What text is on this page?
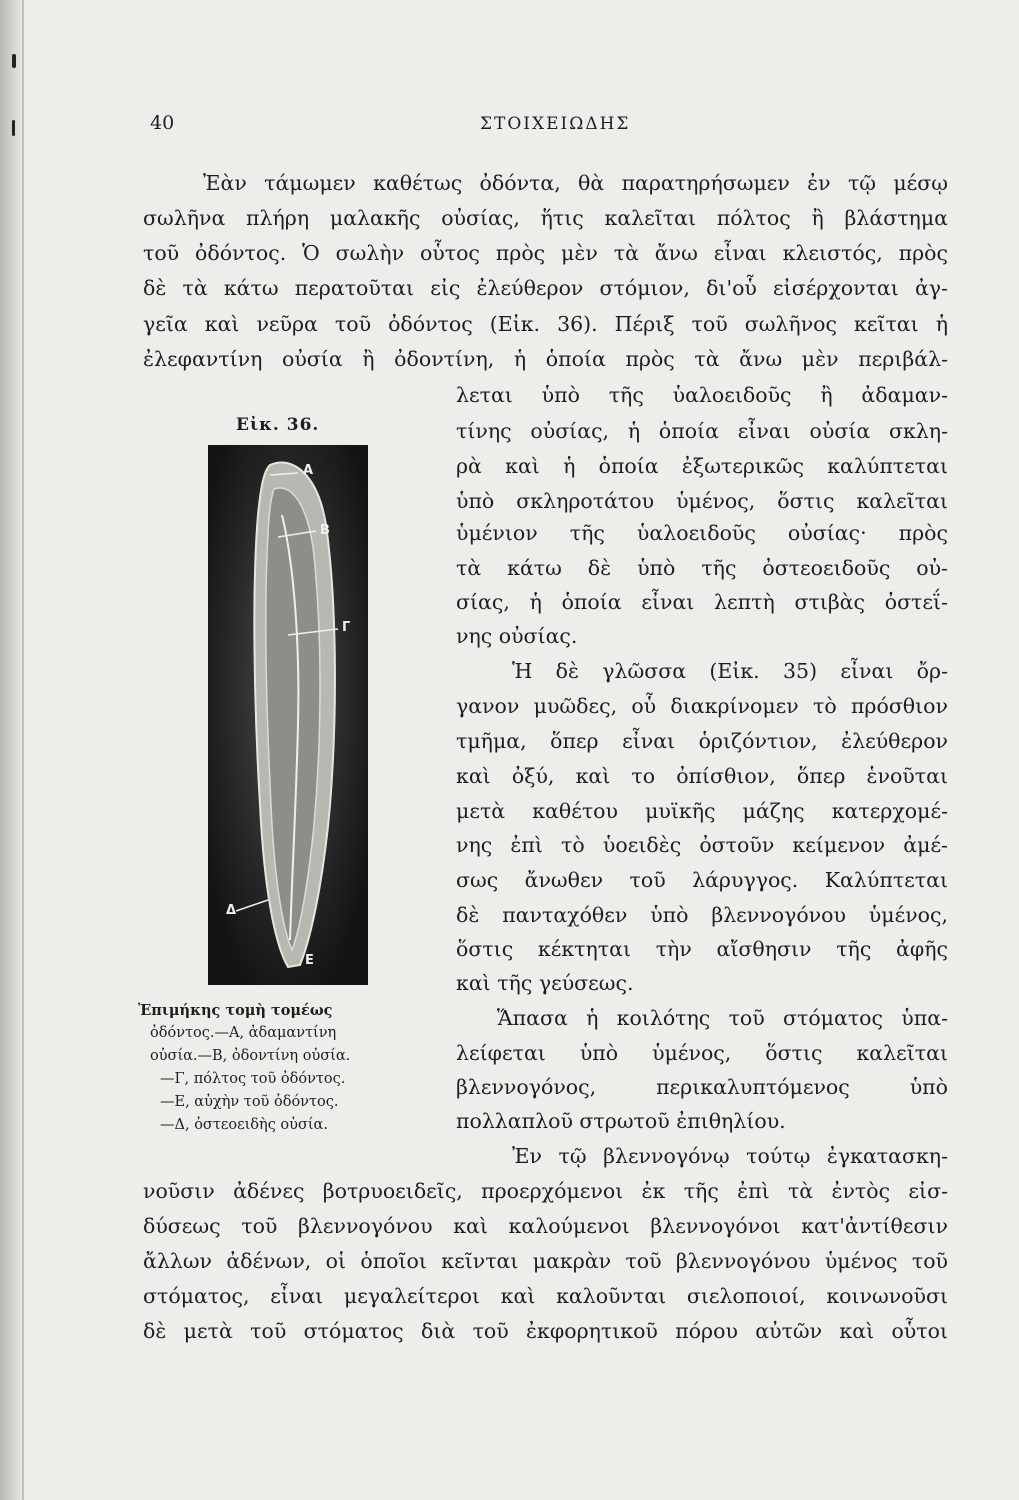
40	ΣΤΟΙΧΕΙΩΔΗΣ
Ἐὰν τάμωμεν καθέτως ὀδόντα, θὰ παρατηρήσωμεν ἐν τῷ μέσῳ
σωλῆνα πλήρη μαλακῆς οὐσίας, ἥτις καλεῖται πόλτος ἢ βλάστημα
τοῦ ὀδόντος. Ὁ σωλὴν οὗτος πρὸς μὲν τὰ ἄνω εἶναι κλειστός, πρὸς
δὲ τὰ κάτω περατοῦται εἰς ἐλεύθερον στόμιον, δι'οὗ εἰσέρχονται ἀγ-
γεῖα καὶ νεῦρα τοῦ ὀδόντος (Εἰκ. 36). Πέριξ τοῦ σωλῆνος κεῖται ἡ
ἐλεφαντίνη οὐσία ἢ ὀδοντίνη, ἡ ὁποία πρὸς τὰ ἄνω μὲν περιβάλ-
λεται ὑπὸ τῆς ὑαλοειδοῦς ἢ ἀδαμαν-
τίνης οὐσίας, ἡ ὁποία εἶναι οὐσία σκλη-
ρὰ καὶ ἡ ὁποία ἐξωτερικῶς καλύπτεται
ὑπὸ σκληροτάτου ὑμένος, ὅστις καλεῖται
ὑμένιον τῆς ὑαλοειδοῦς οὐσίας· πρὸς
τὰ κάτω δὲ ὑπὸ τῆς ὀστεοειδοῦς οὐ-
σίας, ἡ ὁποία εἶναι λεπτὴ στιβὰς ὀστεΐ-
νης οὐσίας.
Ἡ δὲ γλῶσσα (Εἰκ. 35) εἶναι ὄρ-
γανον μυῶδες, οὗ διακρίνομεν τὸ πρόσθιον
τμῆμα, ὅπερ εἶναι ὁριζόντιον, ἐλεύθερον
καὶ ὀξύ, καὶ το ὀπίσθιον, ὅπερ ἑνοῦται
μετὰ καθέτου μυϊκῆς μάζης κατερχομέ-
νης ἐπὶ τὸ ὑοειδὲς ὀστοῦν κείμενον ἀμέ-
σως ἄνωθεν τοῦ λάρυγγος. Καλύπτεται
δὲ πανταχόθεν ὑπὸ βλεννογόνου ὑμένος,
ὅστις κέκτηται τὴν αἴσθησιν τῆς ἀφῆς
καὶ τῆς γεύσεως.
Ἅπασα ἡ κοιλότης τοῦ στόματος ὑπα-
λείφεται ὑπὸ ὑμένος, ὅστις καλεῖται
βλεννογόνος, περικαλυπτόμενος ὑπὸ
πολλαπλοῦ στρωτοῦ ἐπιθηλίου.
Ἐν τῷ βλεννογόνῳ τούτῳ ἐγκατασκη-
νοῦσιν ἀδένες βοτρυοειδεῖς, προερχόμενοι ἐκ τῆς ἐπὶ τὰ ἐντὸς εἰσ-
δύσεως τοῦ βλεννογόνου καὶ καλούμενοι βλεννογόνοι κατ'ἀντίθεσιν
ἄλλων ἀδένων, οἱ ὁποῖοι κεῖνται μακρὰν τοῦ βλεννογόνου ὑμένος τοῦ
στόματος, εἶναι μεγαλείτεροι καὶ καλοῦνται σιελοποιοί, κοινωνοῦσι
δὲ μετὰ τοῦ στόματος διὰ τοῦ ἐκφορητικοῦ πόρου αὐτῶν καὶ οὗτοι
Εἰκ. 36.
Α
Β
Γ
Ε
Δ
Ἐπιμήκης τομὴ τομέως
ὀδόντος.—Α, ἀδαμαντίνη
οὐσία.—Β, ὀδοντίνη οὐσία.
—Γ, πόλτος τοῦ ὀδόντος.
—Ε, αὐχὴν τοῦ ὀδόντος.
—Δ, ὀστεοειδὴς οὐσία.
